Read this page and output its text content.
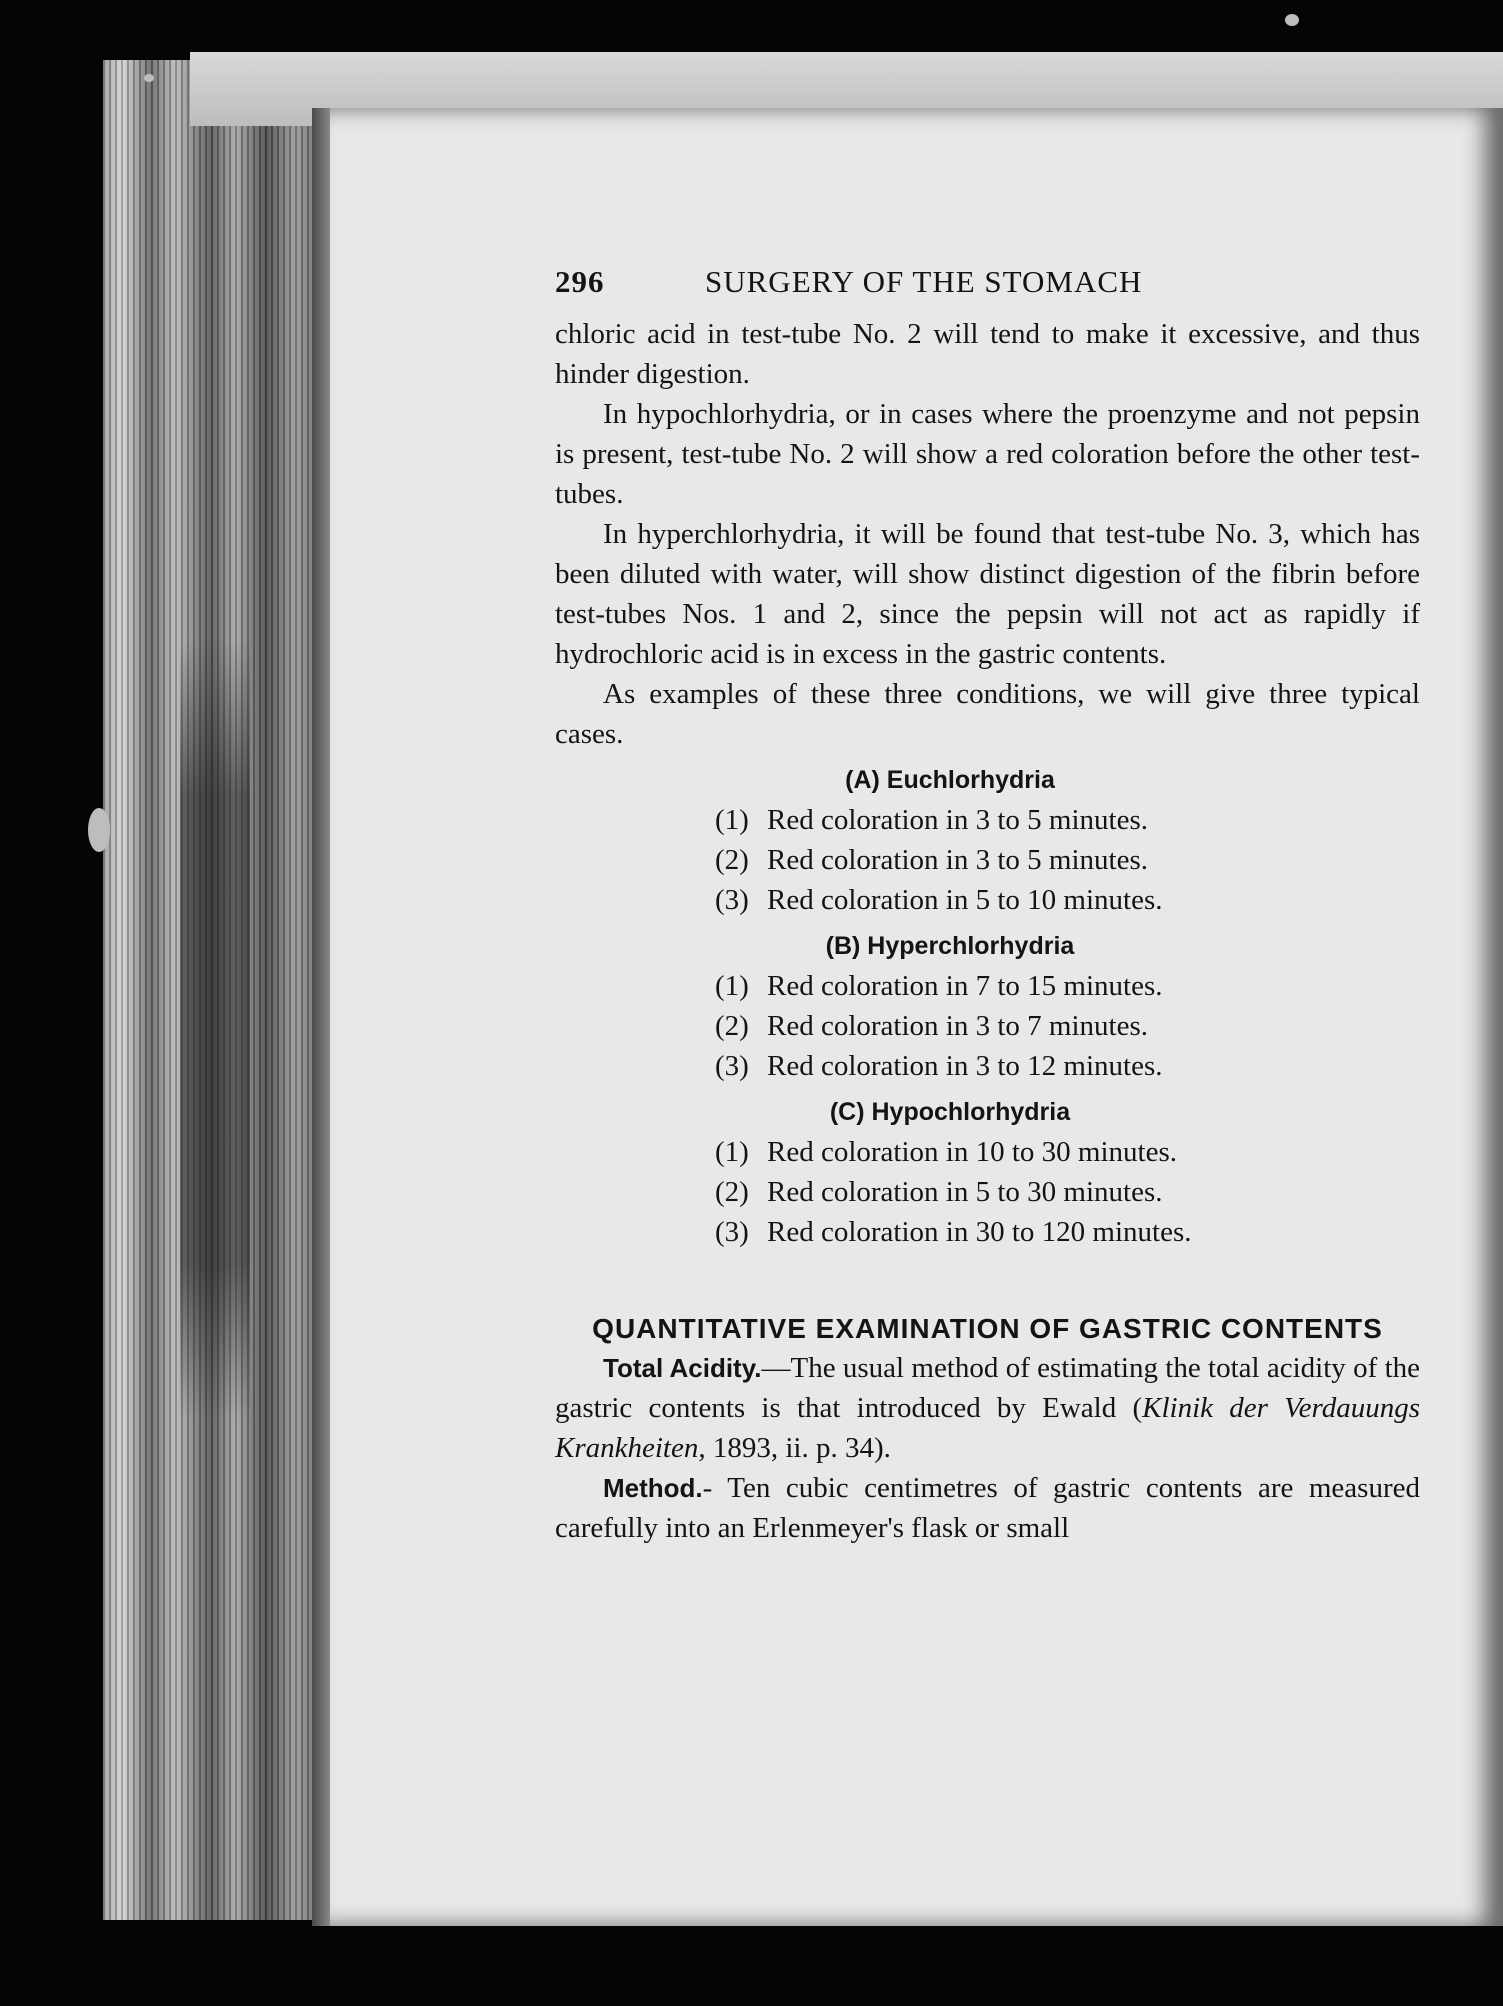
296	SURGERY OF THE STOMACH

chloric acid in test-tube No. 2 will tend to make it excessive, and thus hinder digestion.

In hypochlorhydria, or in cases where the proenzyme and not pepsin is present, test-tube No. 2 will show a red coloration before the other test-tubes.

In hyperchlorhydria, it will be found that test-tube No. 3, which has been diluted with water, will show distinct digestion of the fibrin before test-tubes Nos. 1 and 2, since the pepsin will not act as rapidly if hydrochloric acid is in excess in the gastric contents.

As examples of these three conditions, we will give three typical cases.

(A) Euchlorhydria
(1) Red coloration in 3 to 5 minutes.
(2) Red coloration in 3 to 5 minutes.
(3) Red coloration in 5 to 10 minutes.
(B) Hyperchlorhydria
(1) Red coloration in 7 to 15 minutes.
(2) Red coloration in 3 to 7 minutes.
(3) Red coloration in 3 to 12 minutes.
(C) Hypochlorhydria
(1) Red coloration in 10 to 30 minutes.
(2) Red coloration in 5 to 30 minutes.
(3) Red coloration in 30 to 120 minutes.
QUANTITATIVE EXAMINATION OF GASTRIC CONTENTS

Total Acidity.—The usual method of estimating the total acidity of the gastric contents is that introduced by Ewald (Klinik der Verdauungs Krankheiten, 1893, ii. p. 34).

Method.- Ten cubic centimetres of gastric contents are measured carefully into an Erlenmeyer's flask or small
